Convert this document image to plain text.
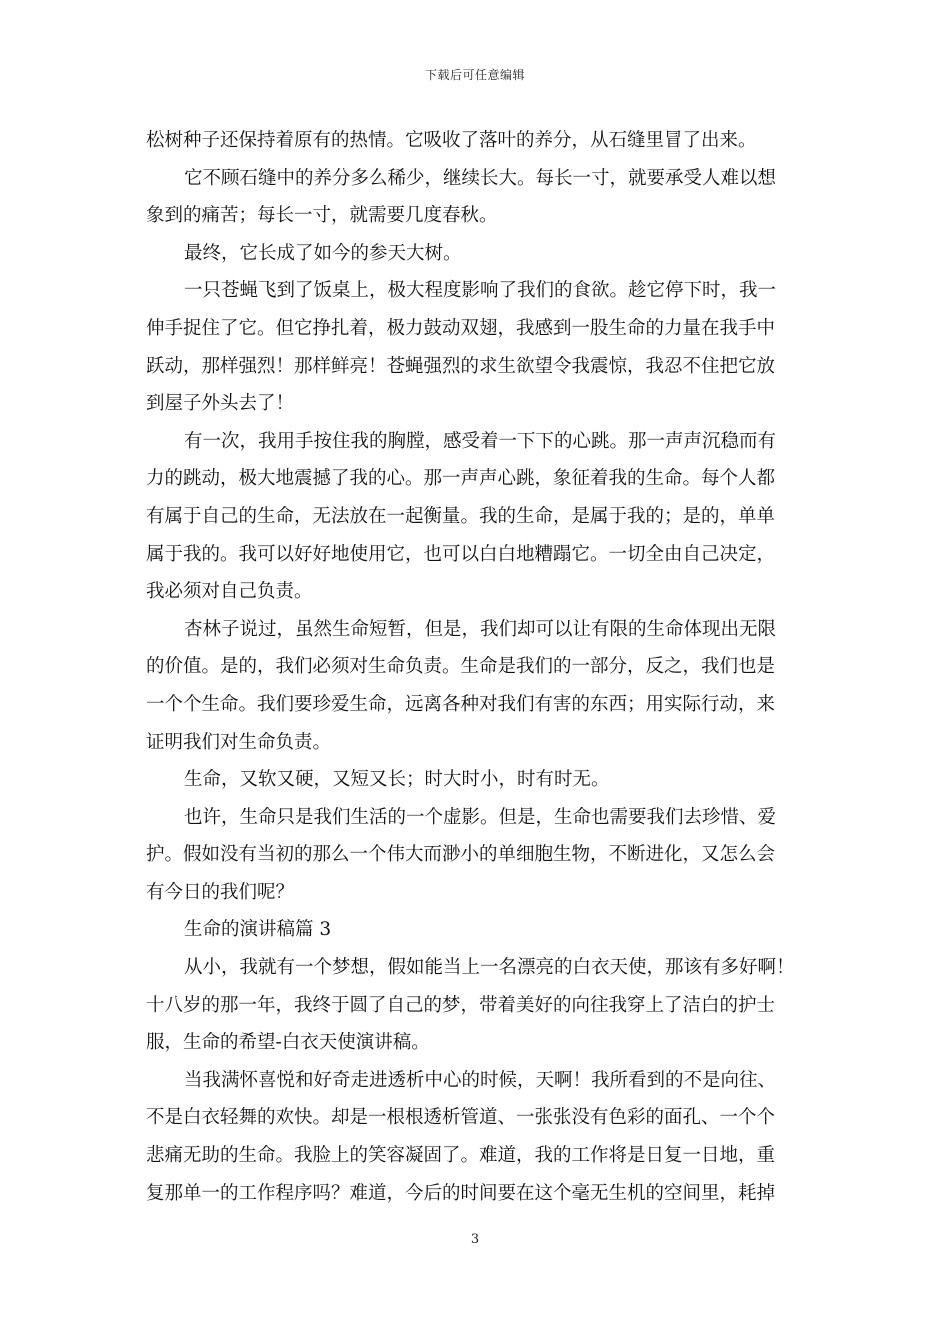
下载后可任意编辑
松树种子还保持着原有的热情。它吸收了落叶的养分，从石缝里冒了出来。
它不顾石缝中的养分多么稀少，继续长大。每长一寸，就要承受人难以想
象到的痛苦；每长一寸，就需要几度春秋。
最终，它长成了如今的参天大树。
一只苍蝇飞到了饭桌上，极大程度影响了我们的食欲。趁它停下时，我一
伸手捉住了它。但它挣扎着，极力鼓动双翅，我感到一股生命的力量在我手中
跃动，那样强烈！那样鲜亮！苍蝇强烈的求生欲望令我震惊，我忍不住把它放
到屋子外头去了！
有一次，我用手按住我的胸膛，感受着一下下的心跳。那一声声沉稳而有
力的跳动，极大地震撼了我的心。那一声声心跳，象征着我的生命。每个人都
有属于自己的生命，无法放在一起衡量。我的生命，是属于我的；是的，单单
属于我的。我可以好好地使用它，也可以白白地糟蹋它。一切全由自己决定，
我必须对自己负责。
杏林子说过，虽然生命短暂，但是，我们却可以让有限的生命体现出无限
的价值。是的，我们必须对生命负责。生命是我们的一部分，反之，我们也是
一个个生命。我们要珍爱生命，远离各种对我们有害的东西；用实际行动，来
证明我们对生命负责。
生命，又软又硬，又短又长；时大时小，时有时无。
也许，生命只是我们生活的一个虚影。但是，生命也需要我们去珍惜、爱
护。假如没有当初的那么一个伟大而渺小的单细胞生物，不断进化，又怎么会
有今日的我们呢？
生命的演讲稿篇 3
从小，我就有一个梦想，假如能当上一名漂亮的白衣天使，那该有多好啊！
十八岁的那一年，我终于圆了自己的梦，带着美好的向往我穿上了洁白的护士
服，生命的希望-白衣天使演讲稿。
当我满怀喜悦和好奇走进透析中心的时候，天啊！我所看到的不是向往、
不是白衣轻舞的欢快。却是一根根透析管道、一张张没有色彩的面孔、一个个
悲痛无助的生命。我脸上的笑容凝固了。难道，我的工作将是日复一日地，重
复那单一的工作程序吗？难道，今后的时间要在这个毫无生机的空间里，耗掉
3
